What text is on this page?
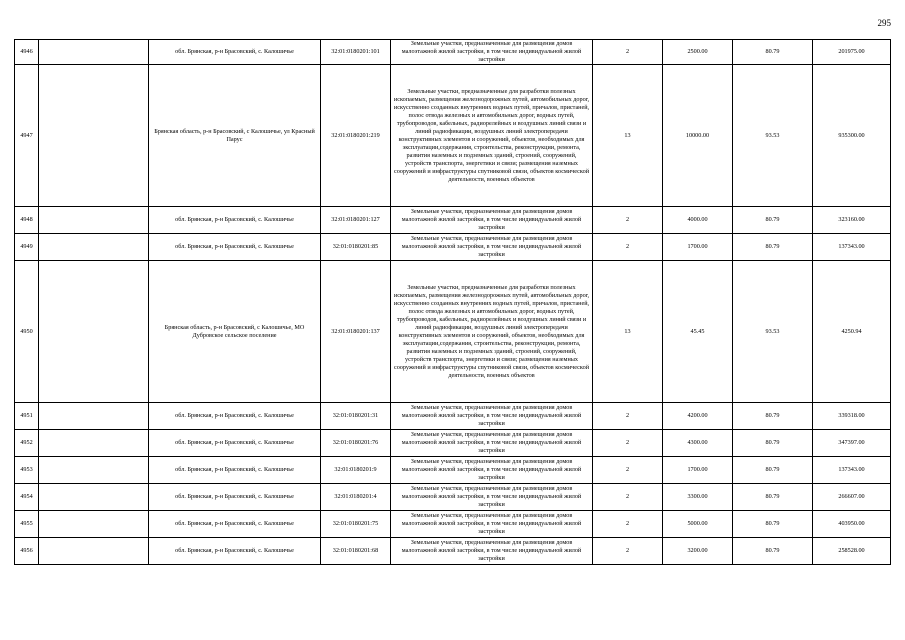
295
4946		обл. Брянская, р-н Брасовский, с. Калошичье	32:01:0180201:101	Земельные участки, предназначенные для размещения домов малоэтажной жилой застройки, в том числе индивидуальной жилой застройки	2	2500.00	80.79	201975.00
4947		Брянская область, р-н Брасовский, с Калошичье, ул Красный Парус	32:01:0180201:219	Земельные участки, предназначенные для разработки полезных ископаемых, размещения железнодорожных путей, автомобильных дорог, искусственно созданных внутренних водных путей, причалов, пристаней, полос отвода железных и автомобильных дорог, водных путей, трубопроводов, кабельных, радиорелейных и воздушных линий связи и линий радиофикации, воздушных линий электропередачи конструктивных элементов и сооружений, объектов, необходимых для эксплуатации,содержания, строительства, реконструкции, ремонта, развития наземных и подземных зданий, строений, сооружений, устройств транспорта, энергетики и связи; размещения наземных сооружений и инфраструктуры спутниковой связи, объектов космической деятельности, военных объектов	13	10000.00	93.53	935300.00
4948		обл. Брянская, р-н Брасовский, с. Калошичье	32:01:0180201:127	Земельные участки, предназначенные для размещения домов малоэтажной жилой застройки, в том числе индивидуальной жилой застройки	2	4000.00	80.79	323160.00
4949		обл. Брянская, р-н Брасовский, с. Калошичье	32:01:0180201:85	Земельные участки, предназначенные для размещения домов малоэтажной жилой застройки, в том числе индивидуальной жилой застройки	2	1700.00	80.79	137343.00
4950		Брянская область, р-н Брасовский, с Калошичье, МО Дубровское сельское поселение	32:01:0180201:137	Земельные участки, предназначенные для разработки полезных ископаемых, размещения железнодорожных путей, автомобильных дорог, искусственно созданных внутренних водных путей, причалов, пристаней, полос отвода железных и автомобильных дорог, водных путей, трубопроводов, кабельных, радиорелейных и воздушных линий связи и линий радиофикации, воздушных линий электропередачи конструктивных элементов и сооружений, объектов, необходимых для эксплуатации,содержания, строительства, реконструкции, ремонта, развития наземных и подземных зданий, строений, сооружений, устройств транспорта, энергетики и связи; размещения наземных сооружений и инфраструктуры спутниковой связи, объектов космической деятельности, военных объектов	13	45.45	93.53	4250.94
4951		обл. Брянская, р-н Брасовский, с. Калошичье	32:01:0180201:31	Земельные участки, предназначенные для размещения домов малоэтажной жилой застройки, в том числе индивидуальной жилой застройки	2	4200.00	80.79	339318.00
4952		обл. Брянская, р-н Брасовский, с. Калошичье	32:01:0180201:76	Земельные участки, предназначенные для размещения домов малоэтажной жилой застройки, в том числе индивидуальной жилой застройки	2	4300.00	80.79	347397.00
4953		обл. Брянская, р-н Брасовский, с. Калошичье	32:01:0180201:9	Земельные участки, предназначенные для размещения домов малоэтажной жилой застройки, в том числе индивидуальной жилой застройки	2	1700.00	80.79	137343.00
4954		обл. Брянская, р-н Брасовский, с. Калошичье	32:01:0180201:4	Земельные участки, предназначенные для размещения домов малоэтажной жилой застройки, в том числе индивидуальной жилой застройки	2	3300.00	80.79	266607.00
4955		обл. Брянская, р-н Брасовский, с. Калошичье	32:01:0180201:75	Земельные участки, предназначенные для размещения домов малоэтажной жилой застройки, в том числе индивидуальной жилой застройки	2	5000.00	80.79	403950.00
4956		обл. Брянская, р-н Брасовский, с. Калошичье	32:01:0180201:68	Земельные участки, предназначенные для размещения домов малоэтажной жилой застройки, в том числе индивидуальной жилой застройки	2	3200.00	80.79	258528.00
